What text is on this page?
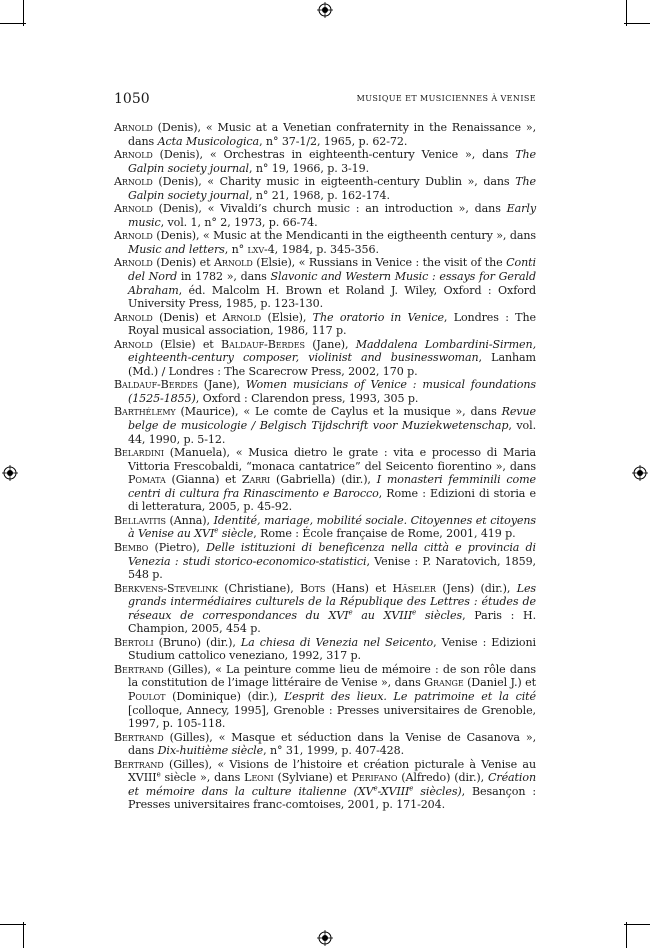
1050	MUSIQUE ET MUSICIENNES À VENISE
Arnold (Denis), « Music at a Venetian confraternity in the Renaissance », dans Acta Musicologica, n° 37-1/2, 1965, p. 62-72.
Arnold (Denis), « Orchestras in eighteenth-century Venice », dans The Galpin society journal, n° 19, 1966, p. 3-19.
Arnold (Denis), « Charity music in eigteenth-century Dublin », dans The Galpin society journal, n° 21, 1968, p. 162-174.
Arnold (Denis), « Vivaldi’s church music : an introduction », dans Early music, vol. 1, n° 2, 1973, p. 66-74.
Arnold (Denis), « Music at the Mendicanti in the eigtheenth century », dans Music and letters, n° lxv-4, 1984, p. 345-356.
Arnold (Denis) et Arnold (Elsie), « Russians in Venice : the visit of the Conti del Nord in 1782 », dans Slavonic and Western Music : essays for Gerald Abraham, éd. Malcolm H. Brown et Roland J. Wiley, Oxford : Oxford University Press, 1985, p. 123-130.
Arnold (Denis) et Arnold (Elsie), The oratorio in Venice, Londres : The Royal musical association, 1986, 117 p.
Arnold (Elsie) et Baldauf-Berdes (Jane), Maddalena Lombardini-Sirmen, eighteenth-century composer, violinist and businesswoman, Lanham (Md.) / Londres : The Scarecrow Press, 2002, 170 p.
Baldauf-Berdes (Jane), Women musicians of Venice : musical foundations (1525-1855), Oxford : Clarendon press, 1993, 305 p.
Barthélemy (Maurice), « Le comte de Caylus et la musique », dans Revue belge de musicologie / Belgisch Tijdschrift voor Muziekwetenschap, vol. 44, 1990, p. 5-12.
Belardini (Manuela), « Musica dietro le grate : vita e processo di Maria Vittoria Frescobaldi, “monaca cantatrice” del Seicento fiorentino », dans Pomata (Gianna) et Zarri (Gabriella) (dir.), I monasteri femminili come centri di cultura fra Rinascimento e Barocco, Rome : Edizioni di storia e di letteratura, 2005, p. 45-92.
Bellavitis (Anna), Identité, mariage, mobilité sociale. Citoyennes et citoyens à Venise au XVIe siècle, Rome : École française de Rome, 2001, 419 p.
Bembo (Pietro), Delle istituzioni di beneficenza nella città e provincia di Venezia : studi storico-economico-statistici, Venise : P. Naratovich, 1859, 548 p.
Berkvens-Stevelink (Christiane), Bots (Hans) et Häseler (Jens) (dir.), Les grands intermédiaires culturels de la République des Lettres : études de réseaux de correspondances du XVIe au XVIIIe siècles, Paris : H. Champion, 2005, 454 p.
Bertoli (Bruno) (dir.), La chiesa di Venezia nel Seicento, Venise : Edizioni Studium cattolico veneziano, 1992, 317 p.
Bertrand (Gilles), « La peinture comme lieu de mémoire : de son rôle dans la constitution de l’image littéraire de Venise », dans Grange (Daniel J.) et Poulot (Dominique) (dir.), L’esprit des lieux. Le patrimoine et la cité [colloque, Annecy, 1995], Grenoble : Presses universitaires de Grenoble, 1997, p. 105-118.
Bertrand (Gilles), « Masque et séduction dans la Venise de Casanova », dans Dix-huitième siècle, n° 31, 1999, p. 407-428.
Bertrand (Gilles), « Visions de l’histoire et création picturale à Venise au XVIIIe siècle », dans Leoni (Sylviane) et Perifano (Alfredo) (dir.), Création et mémoire dans la culture italienne (XVe-XVIIIe siècles), Besançon : Presses universitaires franc-comtoises, 2001, p. 171-204.
